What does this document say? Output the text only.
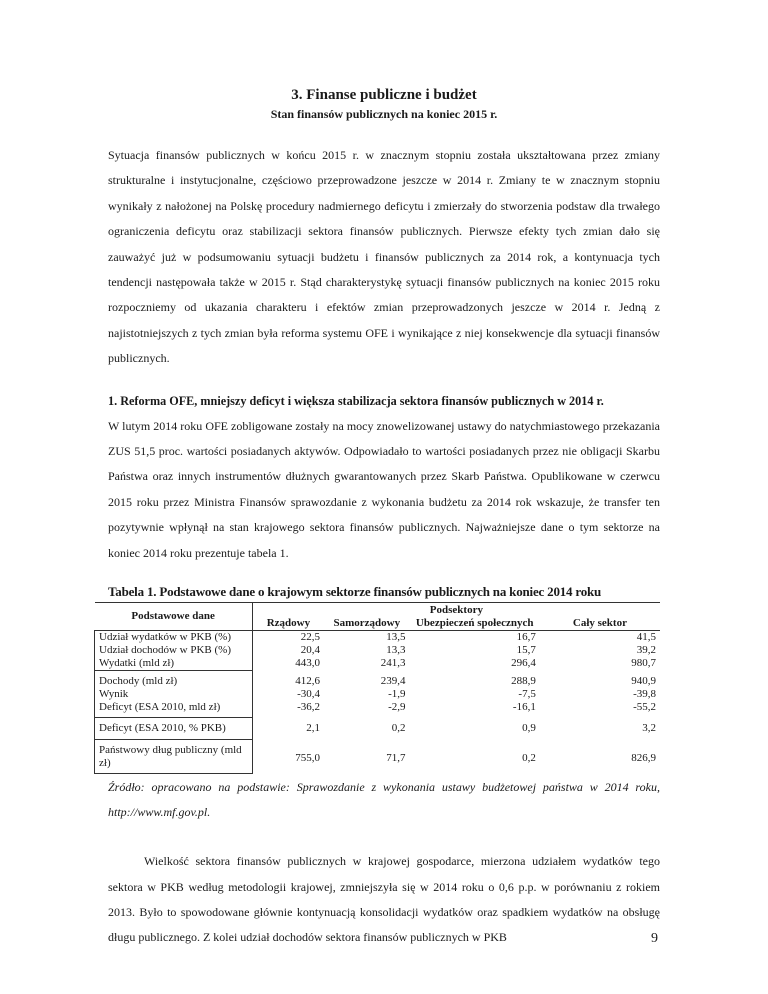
3. Finanse publiczne i budżet
Stan finansów publicznych na koniec 2015 r.

Sytuacja finansów publicznych w końcu 2015 r. w znacznym stopniu została ukształtowana przez zmiany strukturalne i instytucjonalne, częściowo przeprowadzone jeszcze w 2014 r. Zmiany te w znacznym stopniu wynikały z nałożonej na Polskę procedury nadmiernego deficytu i zmierzały do stworzenia podstaw dla trwałego ograniczenia deficytu oraz stabilizacji sektora finansów publicznych. Pierwsze efekty tych zmian dało się zauważyć już w podsumowaniu sytuacji budżetu i finansów publicznych za 2014 rok, a kontynuacja tych tendencji następowała także w 2015 r. Stąd charakterystykę sytuacji finansów publicznych na koniec 2015 roku rozpoczniemy od ukazania charakteru i efektów zmian przeprowadzonych jeszcze w 2014 r. Jedną z najistotniejszych z tych zmian była reforma systemu OFE i wynikające z niej konsekwencje dla sytuacji finansów publicznych.

1. Reforma OFE, mniejszy deficyt i większa stabilizacja sektora finansów publicznych w 2014 r.

W lutym 2014 roku OFE zobligowane zostały na mocy znowelizowanej ustawy do natychmiastowego przekazania ZUS 51,5 proc. wartości posiadanych aktywów. Odpowiadało to wartości posiadanych przez nie obligacji Skarbu Państwa oraz innych instrumentów dłużnych gwarantowanych przez Skarb Państwa. Opublikowane w czerwcu 2015 roku przez Ministra Finansów sprawozdanie z wykonania budżetu za 2014 rok wskazuje, że transfer ten pozytywnie wpłynął na stan krajowego sektora finansów publicznych. Najważniejsze dane o tym sektorze na koniec 2014 roku prezentuje tabela 1.

Tabela 1. Podstawowe dane o krajowym sektorze finansów publicznych na koniec 2014 roku
Podstawowe dane	Podsektory			
	Rządowy	Samorządowy	Ubezpieczeń społecznych	Cały sektor
Udział wydatków w PKB (%)	22,5	13,5	16,7	41,5
Udział dochodów w PKB (%)	20,4	13,3	15,7	39,2
Wydatki (mld zł)	443,0	241,3	296,4	980,7
Dochody (mld zł)	412,6	239,4	288,9	940,9
Wynik	-30,4	-1,9	-7,5	-39,8
Deficyt (ESA 2010, mld zł)	-36,2	-2,9	-16,1	-55,2
Deficyt (ESA 2010, % PKB)	2,1	0,2	0,9	3,2
Państwowy dług publiczny (mld zł)	755,0	71,7	0,2	826,9

Źródło: opracowano na podstawie: Sprawozdanie z wykonania ustawy budżetowej państwa w 2014 roku, http://www.mf.gov.pl.

Wielkość sektora finansów publicznych w krajowej gospodarce, mierzona udziałem wydatków tego sektora w PKB według metodologii krajowej, zmniejszyła się w 2014 roku o 0,6 p.p. w porównaniu z rokiem 2013. Było to spowodowane głównie kontynuacją konsolidacji wydatków oraz spadkiem wydatków na obsługę długu publicznego. Z kolei udział dochodów sektora finansów publicznych w PKB	9
